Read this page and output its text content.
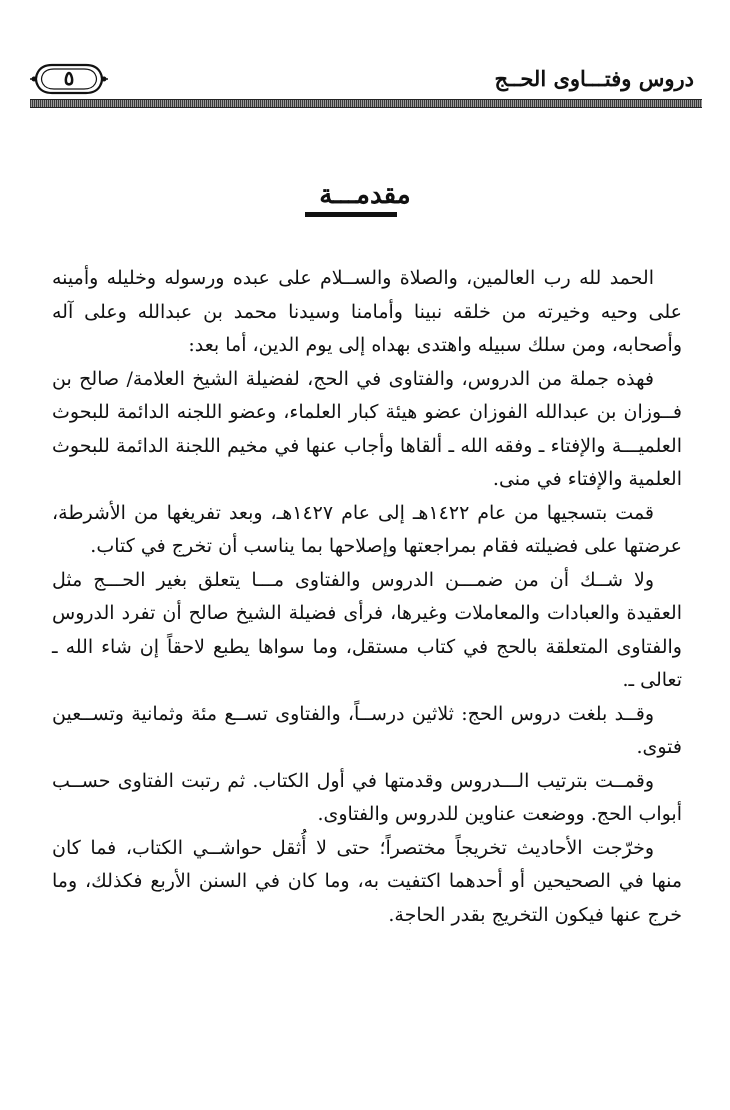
دروس وفتـــاوى الحــج
٥
مقدمـــة

الحمد لله رب العالمين، والصلاة والســلام على عبده ورسوله وخليله وأمينه على وحيه وخيرته من خلقه نبينا وأمامنا وسيدنا محمد بن عبدالله وعلى آله وأصحابه، ومن سلك سبيله واهتدى بهداه إلى يوم الدين، أما بعد:

فهذه جملة من الدروس، والفتاوى في الحج، لفضيلة الشيخ العلامة/ صالح بن فــوزان بن عبدالله الفوزان عضو هيئة كبار العلماء، وعضو اللجنه الدائمة للبحوث العلميـــة والإفتاء ـ وفقه الله ـ ألقاها وأجاب عنها في مخيم اللجنة الدائمة للبحوث العلمية والإفتاء في منى.

قمت بتسجيها من عام ١٤٢٢هـ إلى عام ١٤٢٧هـ، وبعد تفريغها من الأشرطة، عرضتها على فضيلته فقام بمراجعتها وإصلاحها بما يناسب أن تخرج في كتاب.

ولا شــك أن من ضمـــن الدروس والفتاوى مـــا يتعلق بغير الحـــج مثل العقيدة والعبادات والمعاملات وغيرها، فرأى فضيلة الشيخ صالح أن تفرد الدروس والفتاوى المتعلقة بالحج في كتاب مستقل، وما سواها يطبع لاحقاً إن شاء الله ـ تعالى ـ.

وقــد بلغت دروس الحج: ثلاثين درســاً، والفتاوى تســع مئة وثمانية وتســعين فتوى.

وقمــت بترتيب الـــدروس وقدمتها في أول الكتاب. ثم رتبت الفتاوى حســب أبواب الحج. ووضعت عناوين للدروس والفتاوى.

وخرّجت الأحاديث تخريجاً مختصراً؛ حتى لا أُثقل حواشــي الكتاب، فما كان منها في الصحيحين أو أحدهما اكتفيت به، وما كان في السنن الأربع فكذلك، وما خرج عنها فيكون التخريج بقدر الحاجة.
